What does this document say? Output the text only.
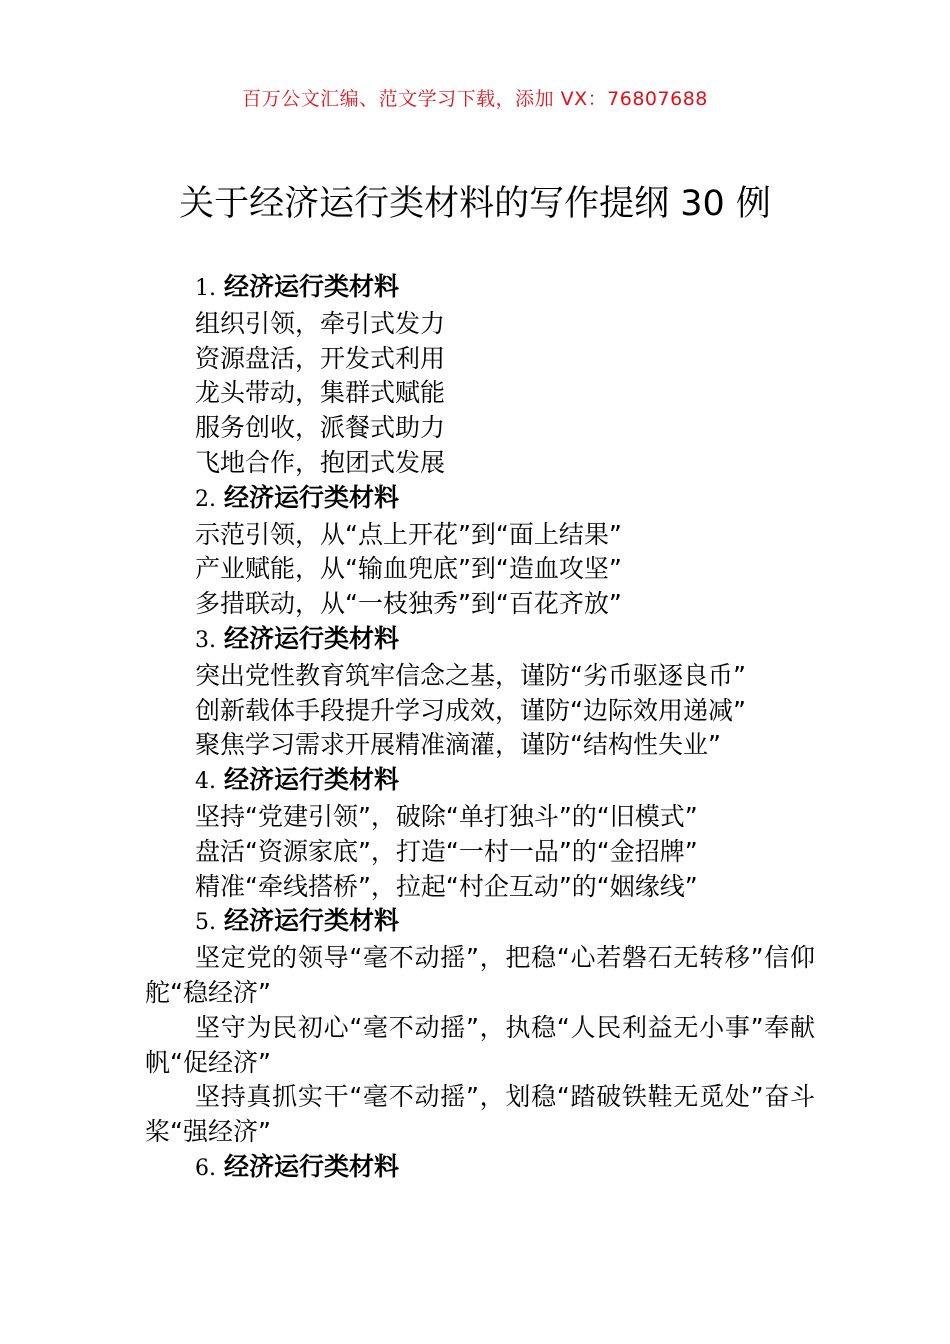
百万公文汇编、范文学习下载，添加 VX：76807688
关于经济运行类材料的写作提纲 30 例
1. 经济运行类材料
组织引领，牵引式发力
资源盘活，开发式利用
龙头带动，集群式赋能
服务创收，派餐式助力
飞地合作，抱团式发展
2. 经济运行类材料
示范引领，从“点上开花”到“面上结果”
产业赋能，从“输血兜底”到“造血攻坚”
多措联动，从“一枝独秀”到“百花齐放”
3. 经济运行类材料
突出党性教育筑牢信念之基，谨防“劣币驱逐良币”
创新载体手段提升学习成效，谨防“边际效用递减”
聚焦学习需求开展精准滴灌，谨防“结构性失业”
4. 经济运行类材料
坚持“党建引领”，破除“单打独斗”的“旧模式”
盘活“资源家底”，打造“一村一品”的“金招牌”
精准“牵线搭桥”，拉起“村企互动”的“姻缘线”
5. 经济运行类材料
坚定党的领导“毫不动摇”，把稳“心若磐石无转移”信仰舵“稳经济”
坚守为民初心“毫不动摇”，执稳“人民利益无小事”奉献帆“促经济”
坚持真抓实干“毫不动摇”，划稳“踏破铁鞋无觅处”奋斗桨“强经济”
6. 经济运行类材料
